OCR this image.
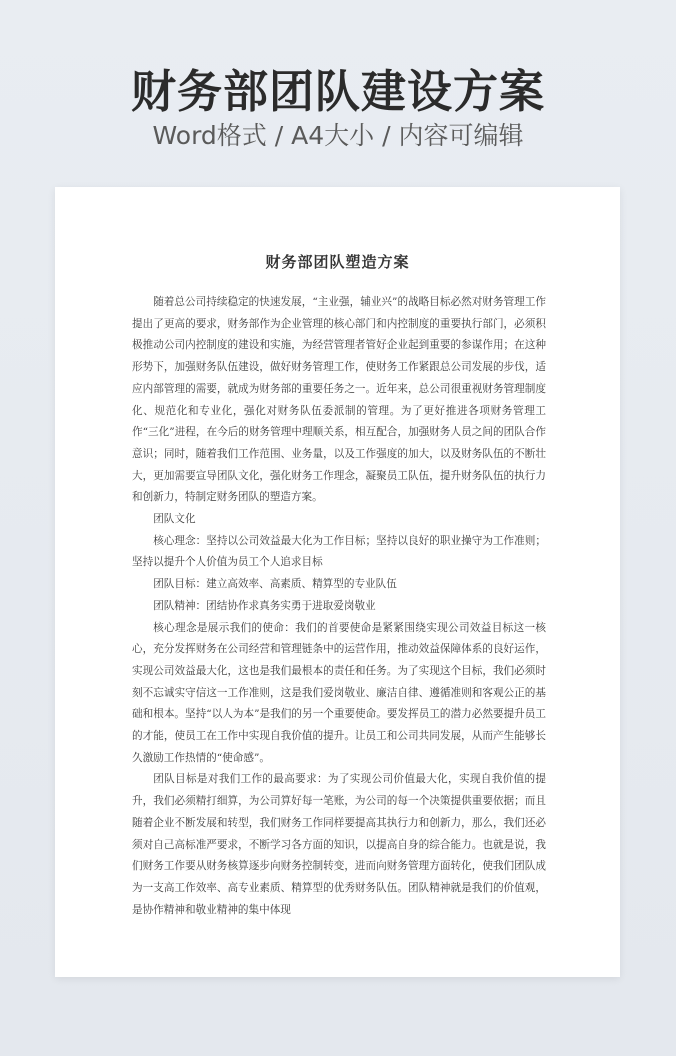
财务部团队建设方案
Word格式 / A4大小 / 内容可编辑
财务部团队塑造方案

随着总公司持续稳定的快速发展，“主业强，辅业兴”的战略目标必然对财务管理工作提出了更高的要求，财务部作为企业管理的核心部门和内控制度的重要执行部门，必须积极推动公司内控制度的建设和实施，为经营管理者管好企业起到重要的参谋作用；在这种形势下，加强财务队伍建设，做好财务管理工作，使财务工作紧跟总公司发展的步伐，适应内部管理的需要，就成为财务部的重要任务之一。近年来，总公司很重视财务管理制度化、规范化和专业化，强化对财务队伍委派制的管理。为了更好推进各项财务管理工作“三化”进程，在今后的财务管理中理顺关系，相互配合，加强财务人员之间的团队合作意识；同时，随着我们工作范围、业务量，以及工作强度的加大，以及财务队伍的不断壮大，更加需要宣导团队文化，强化财务工作理念，凝聚员工队伍，提升财务队伍的执行力和创新力，特制定财务团队的塑造方案。

团队文化

核心理念：坚持以公司效益最大化为工作目标；坚持以良好的职业操守为工作准则；坚持以提升个人价值为员工个人追求目标

团队目标：建立高效率、高素质、精算型的专业队伍

团队精神：团结协作求真务实勇于进取爱岗敬业

核心理念是展示我们的使命：我们的首要使命是紧紧围绕实现公司效益目标这一核心，充分发挥财务在公司经营和管理链条中的运营作用，推动效益保障体系的良好运作，实现公司效益最大化，这也是我们最根本的责任和任务。为了实现这个目标，我们必须时刻不忘诚实守信这一工作准则，这是我们爱岗敬业、廉洁自律、遵循准则和客观公正的基础和根本。坚持“以人为本”是我们的另一个重要使命。要发挥员工的潜力必然要提升员工的才能，使员工在工作中实现自我价值的提升。让员工和公司共同发展，从而产生能够长久激励工作热情的“使命感”。

团队目标是对我们工作的最高要求：为了实现公司价值最大化，实现自我价值的提升，我们必须精打细算，为公司算好每一笔账，为公司的每一个决策提供重要依据；而且随着企业不断发展和转型，我们财务工作同样要提高其执行力和创新力，那么，我们还必须对自己高标准严要求，不断学习各方面的知识，以提高自身的综合能力。也就是说，我们财务工作要从财务核算逐步向财务控制转变，进而向财务管理方面转化，使我们团队成为一支高工作效率、高专业素质、精算型的优秀财务队伍。团队精神就是我们的价值观，是协作精神和敬业精神的集中体现
